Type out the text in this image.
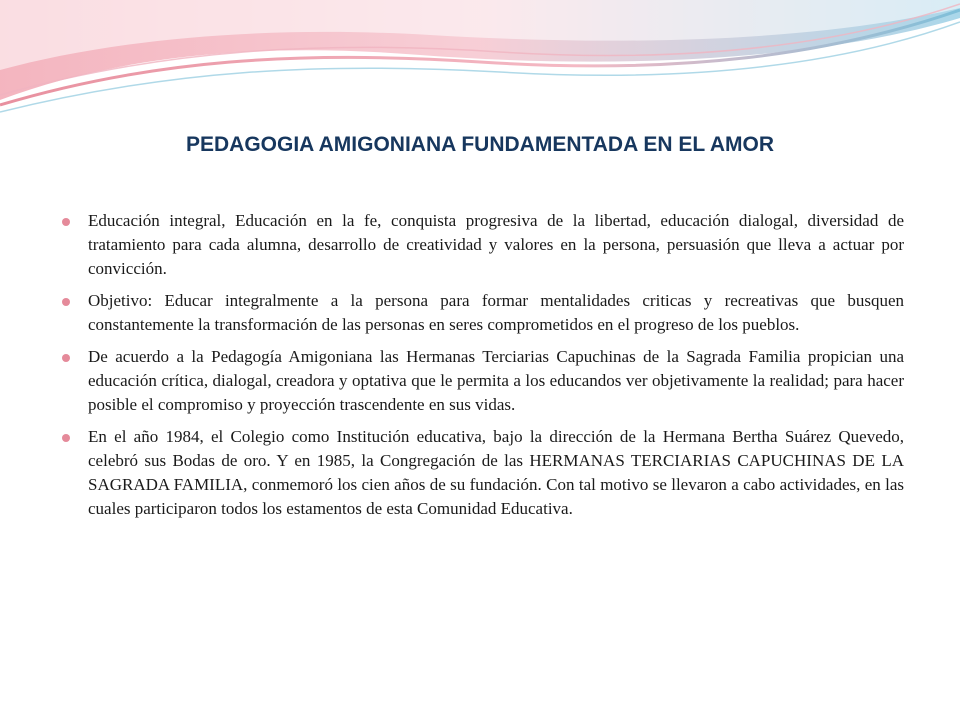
PEDAGOGIA AMIGONIANA FUNDAMENTADA EN EL AMOR
Educación integral, Educación en la fe, conquista progresiva de la libertad, educación dialogal, diversidad de tratamiento para cada alumna, desarrollo de creatividad y valores en la persona, persuasión que lleva a actuar por convicción.
Objetivo: Educar integralmente a la persona para formar mentalidades criticas y recreativas que busquen constantemente la transformación de las personas en seres comprometidos en el progreso de los pueblos.
De acuerdo a la Pedagogía Amigoniana las Hermanas Terciarias Capuchinas de la Sagrada Familia propician una educación crítica, dialogal, creadora y optativa que le permita a los educandos ver objetivamente la realidad; para hacer posible el compromiso y proyección trascendente en sus vidas.
En el año 1984, el Colegio como Institución educativa, bajo la dirección de la Hermana Bertha Suárez Quevedo, celebró sus Bodas de oro. Y en 1985, la Congregación de las HERMANAS TERCIARIAS CAPUCHINAS DE LA SAGRADA FAMILIA, conmemoró los cien años de su fundación. Con tal motivo se llevaron a cabo actividades, en las cuales participaron todos los estamentos de esta Comunidad Educativa.
